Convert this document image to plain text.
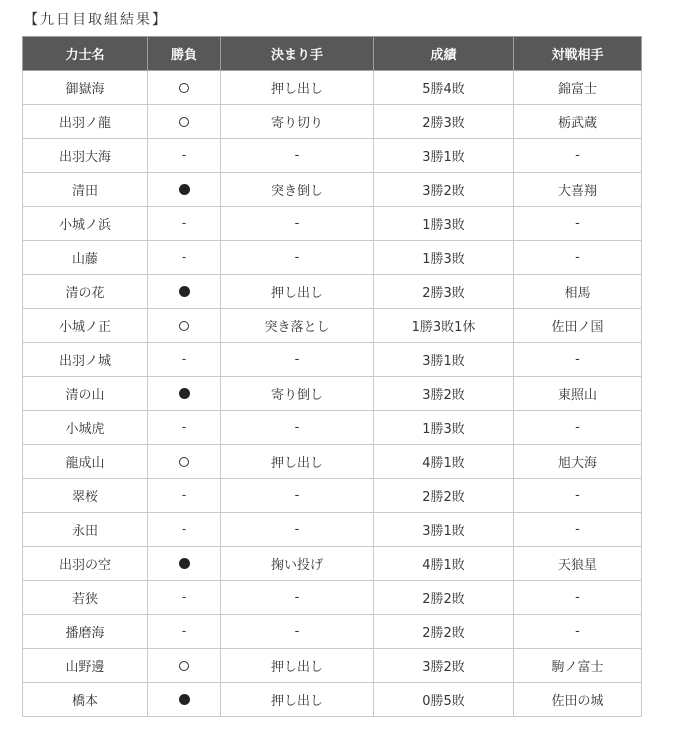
【九日目取組結果】
力士名	勝負	決まり手	成績	対戦相手
御嶽海		押し出し	5勝4敗	錦富士
出羽ノ龍		寄り切り	2勝3敗	栃武蔵
出羽大海	-	-	3勝1敗	-
清田		突き倒し	3勝2敗	大喜翔
小城ノ浜	-	-	1勝3敗	-
山藤	-	-	1勝3敗	-
清の花		押し出し	2勝3敗	相馬
小城ノ正		突き落とし	1勝3敗1休	佐田ノ国
出羽ノ城	-	-	3勝1敗	-
清の山		寄り倒し	3勝2敗	東照山
小城虎	-	-	1勝3敗	-
龍成山		押し出し	4勝1敗	旭大海
翠桜	-	-	2勝2敗	-
永田	-	-	3勝1敗	-
出羽の空		掬い投げ	4勝1敗	天狼星
若狭	-	-	2勝2敗	-
播磨海	-	-	2勝2敗	-
山野邊		押し出し	3勝2敗	駒ノ富士
橋本		押し出し	0勝5敗	佐田の城
